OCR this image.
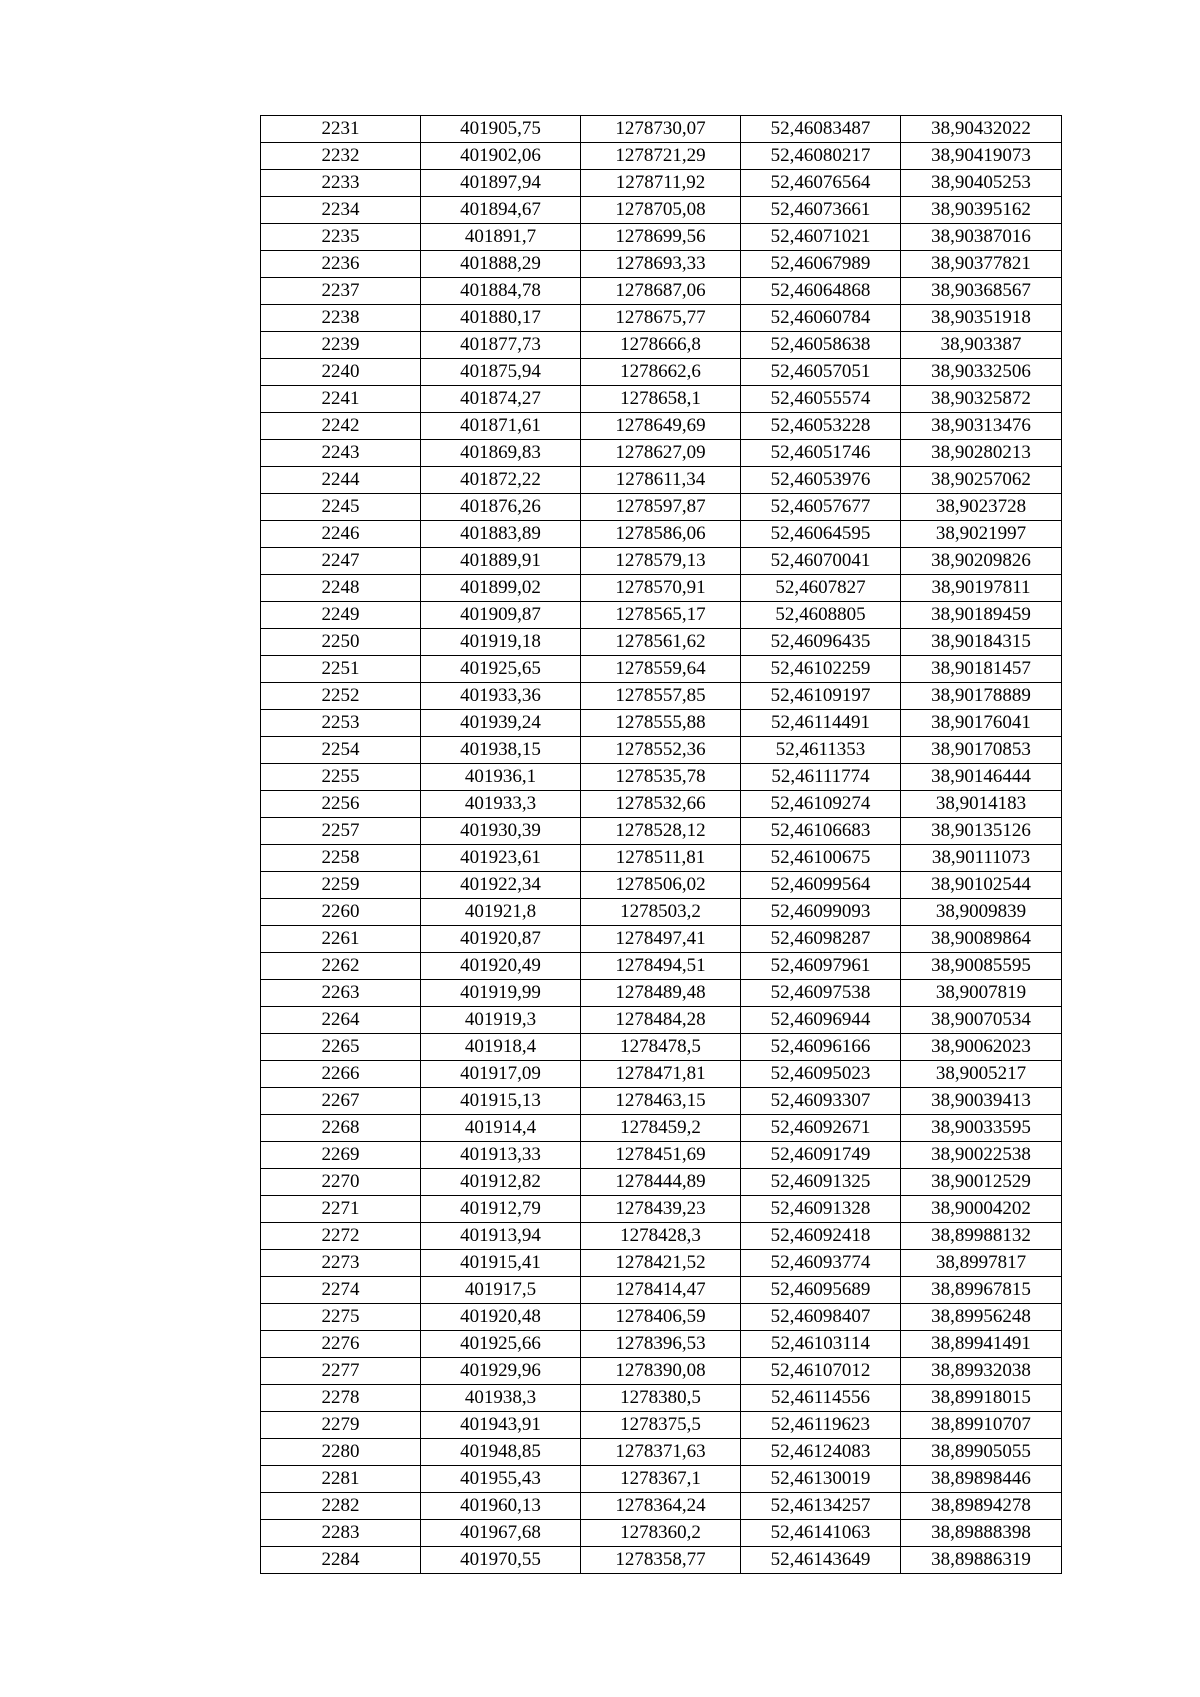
2231	401905,75	1278730,07	52,46083487	38,90432022
2232	401902,06	1278721,29	52,46080217	38,90419073
2233	401897,94	1278711,92	52,46076564	38,90405253
2234	401894,67	1278705,08	52,46073661	38,90395162
2235	401891,7	1278699,56	52,46071021	38,90387016
2236	401888,29	1278693,33	52,46067989	38,90377821
2237	401884,78	1278687,06	52,46064868	38,90368567
2238	401880,17	1278675,77	52,46060784	38,90351918
2239	401877,73	1278666,8	52,46058638	38,903387
2240	401875,94	1278662,6	52,46057051	38,90332506
2241	401874,27	1278658,1	52,46055574	38,90325872
2242	401871,61	1278649,69	52,46053228	38,90313476
2243	401869,83	1278627,09	52,46051746	38,90280213
2244	401872,22	1278611,34	52,46053976	38,90257062
2245	401876,26	1278597,87	52,46057677	38,9023728
2246	401883,89	1278586,06	52,46064595	38,9021997
2247	401889,91	1278579,13	52,46070041	38,90209826
2248	401899,02	1278570,91	52,4607827	38,90197811
2249	401909,87	1278565,17	52,4608805	38,90189459
2250	401919,18	1278561,62	52,46096435	38,90184315
2251	401925,65	1278559,64	52,46102259	38,90181457
2252	401933,36	1278557,85	52,46109197	38,90178889
2253	401939,24	1278555,88	52,46114491	38,90176041
2254	401938,15	1278552,36	52,4611353	38,90170853
2255	401936,1	1278535,78	52,46111774	38,90146444
2256	401933,3	1278532,66	52,46109274	38,9014183
2257	401930,39	1278528,12	52,46106683	38,90135126
2258	401923,61	1278511,81	52,46100675	38,90111073
2259	401922,34	1278506,02	52,46099564	38,90102544
2260	401921,8	1278503,2	52,46099093	38,9009839
2261	401920,87	1278497,41	52,46098287	38,90089864
2262	401920,49	1278494,51	52,46097961	38,90085595
2263	401919,99	1278489,48	52,46097538	38,9007819
2264	401919,3	1278484,28	52,46096944	38,90070534
2265	401918,4	1278478,5	52,46096166	38,90062023
2266	401917,09	1278471,81	52,46095023	38,9005217
2267	401915,13	1278463,15	52,46093307	38,90039413
2268	401914,4	1278459,2	52,46092671	38,90033595
2269	401913,33	1278451,69	52,46091749	38,90022538
2270	401912,82	1278444,89	52,46091325	38,90012529
2271	401912,79	1278439,23	52,46091328	38,90004202
2272	401913,94	1278428,3	52,46092418	38,89988132
2273	401915,41	1278421,52	52,46093774	38,8997817
2274	401917,5	1278414,47	52,46095689	38,89967815
2275	401920,48	1278406,59	52,46098407	38,89956248
2276	401925,66	1278396,53	52,46103114	38,89941491
2277	401929,96	1278390,08	52,46107012	38,89932038
2278	401938,3	1278380,5	52,46114556	38,89918015
2279	401943,91	1278375,5	52,46119623	38,89910707
2280	401948,85	1278371,63	52,46124083	38,89905055
2281	401955,43	1278367,1	52,46130019	38,89898446
2282	401960,13	1278364,24	52,46134257	38,89894278
2283	401967,68	1278360,2	52,46141063	38,89888398
2284	401970,55	1278358,77	52,46143649	38,89886319
